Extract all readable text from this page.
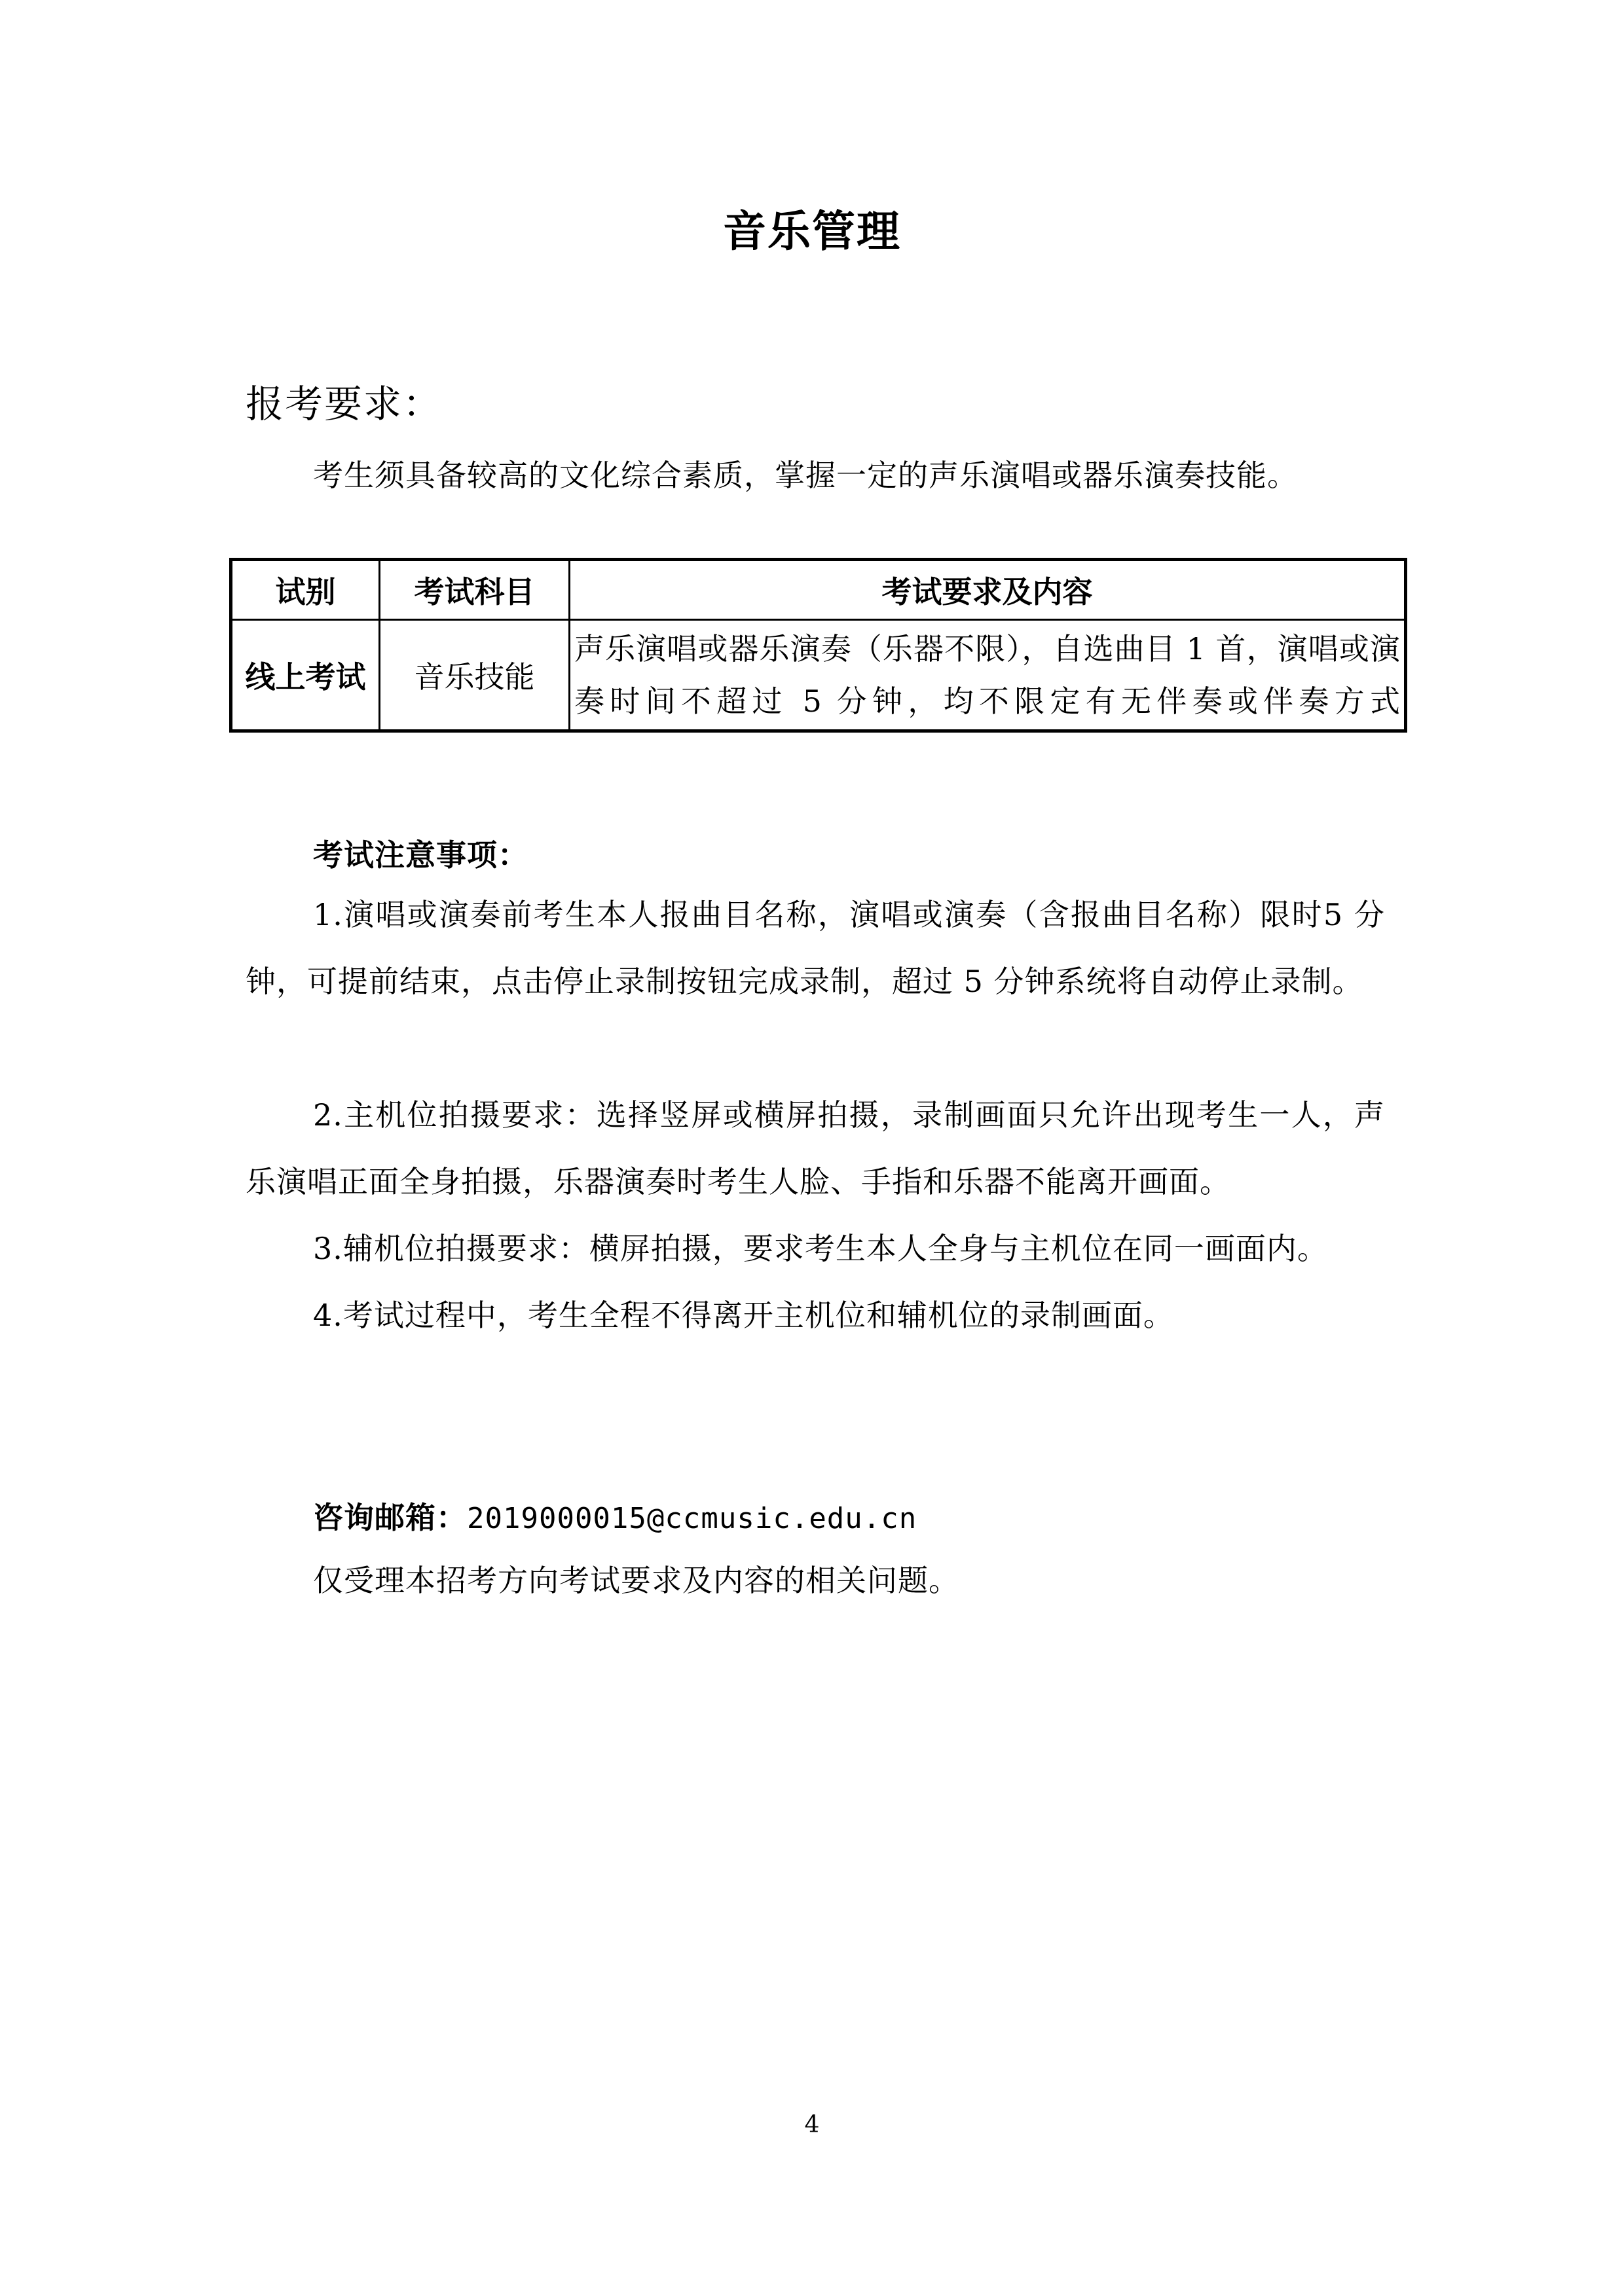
音乐管理
报考要求：
考生须具备较高的文化综合素质，掌握一定的声乐演唱或器乐演奏技能。
试别	考试科目	考试要求及内容
线上考试	音乐技能	声乐演唱或器乐演奏（乐器不限），自选曲目 1 首，演唱或演奏时间不超过 5 分钟，均不限定有无伴奏或伴奏方式
考试注意事项：

1.演唱或演奏前考生本人报曲目名称，演唱或演奏（含报曲目名称）限时5 分钟，可提前结束，点击停止录制按钮完成录制，超过 5 分钟系统将自动停止录制。

2.主机位拍摄要求：选择竖屏或横屏拍摄，录制画面只允许出现考生一人，声乐演唱正面全身拍摄，乐器演奏时考生人脸、手指和乐器不能离开画面。

3.辅机位拍摄要求：横屏拍摄，要求考生本人全身与主机位在同一画面内。

4.考试过程中，考生全程不得离开主机位和辅机位的录制画面。

咨询邮箱：2019000015@ccmusic.edu.cn
仅受理本招考方向考试要求及内容的相关问题。
4
